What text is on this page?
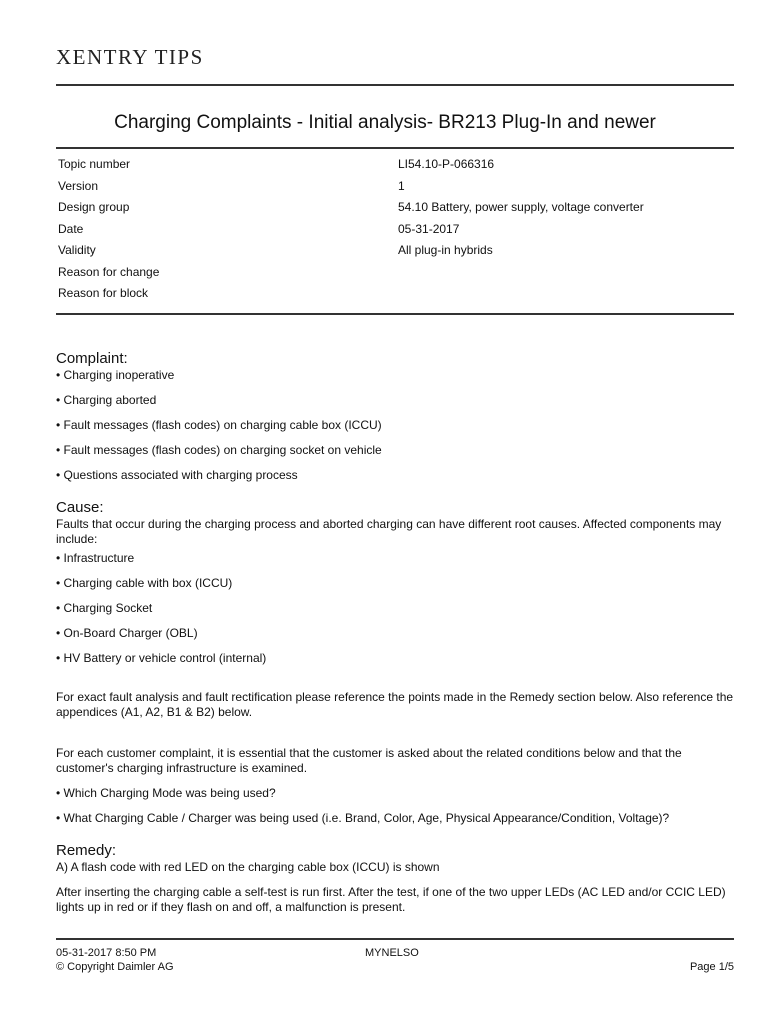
XENTRY TIPS
Charging Complaints - Initial analysis- BR213 Plug-In and newer
Topic number	LI54.10-P-066316
Version	1
Design group	54.10 Battery, power supply, voltage converter
Date	05-31-2017
Validity	All plug-in hybrids
Reason for change
Reason for block
Complaint:
• Charging inoperative
• Charging aborted
• Fault messages (flash codes) on charging cable box (ICCU)
• Fault messages (flash codes) on charging socket on vehicle
• Questions associated with charging process
Cause:
Faults that occur during the charging process and aborted charging can have different root causes. Affected components may include:
• Infrastructure
• Charging cable with box (ICCU)
• Charging Socket
• On-Board Charger (OBL)
• HV Battery or vehicle control (internal)
For exact fault analysis and fault rectification please reference the points made in the Remedy section below. Also reference the appendices (A1, A2, B1 & B2) below.
For each customer complaint, it is essential that the customer is asked about the related conditions below and that the customer's charging infrastructure is examined.
• Which Charging Mode was being used?
• What Charging Cable / Charger was being used (i.e. Brand, Color, Age, Physical Appearance/Condition, Voltage)?
Remedy:
A) A flash code with red LED on the charging cable box (ICCU) is shown
After inserting the charging cable a self-test is run first. After the test, if one of the two upper LEDs (AC LED and/or CCIC LED) lights up in red or if they flash on and off, a malfunction is present.
05-31-2017 8:50 PM
© Copyright Daimler AG
MYNELSO
Page 1/5
